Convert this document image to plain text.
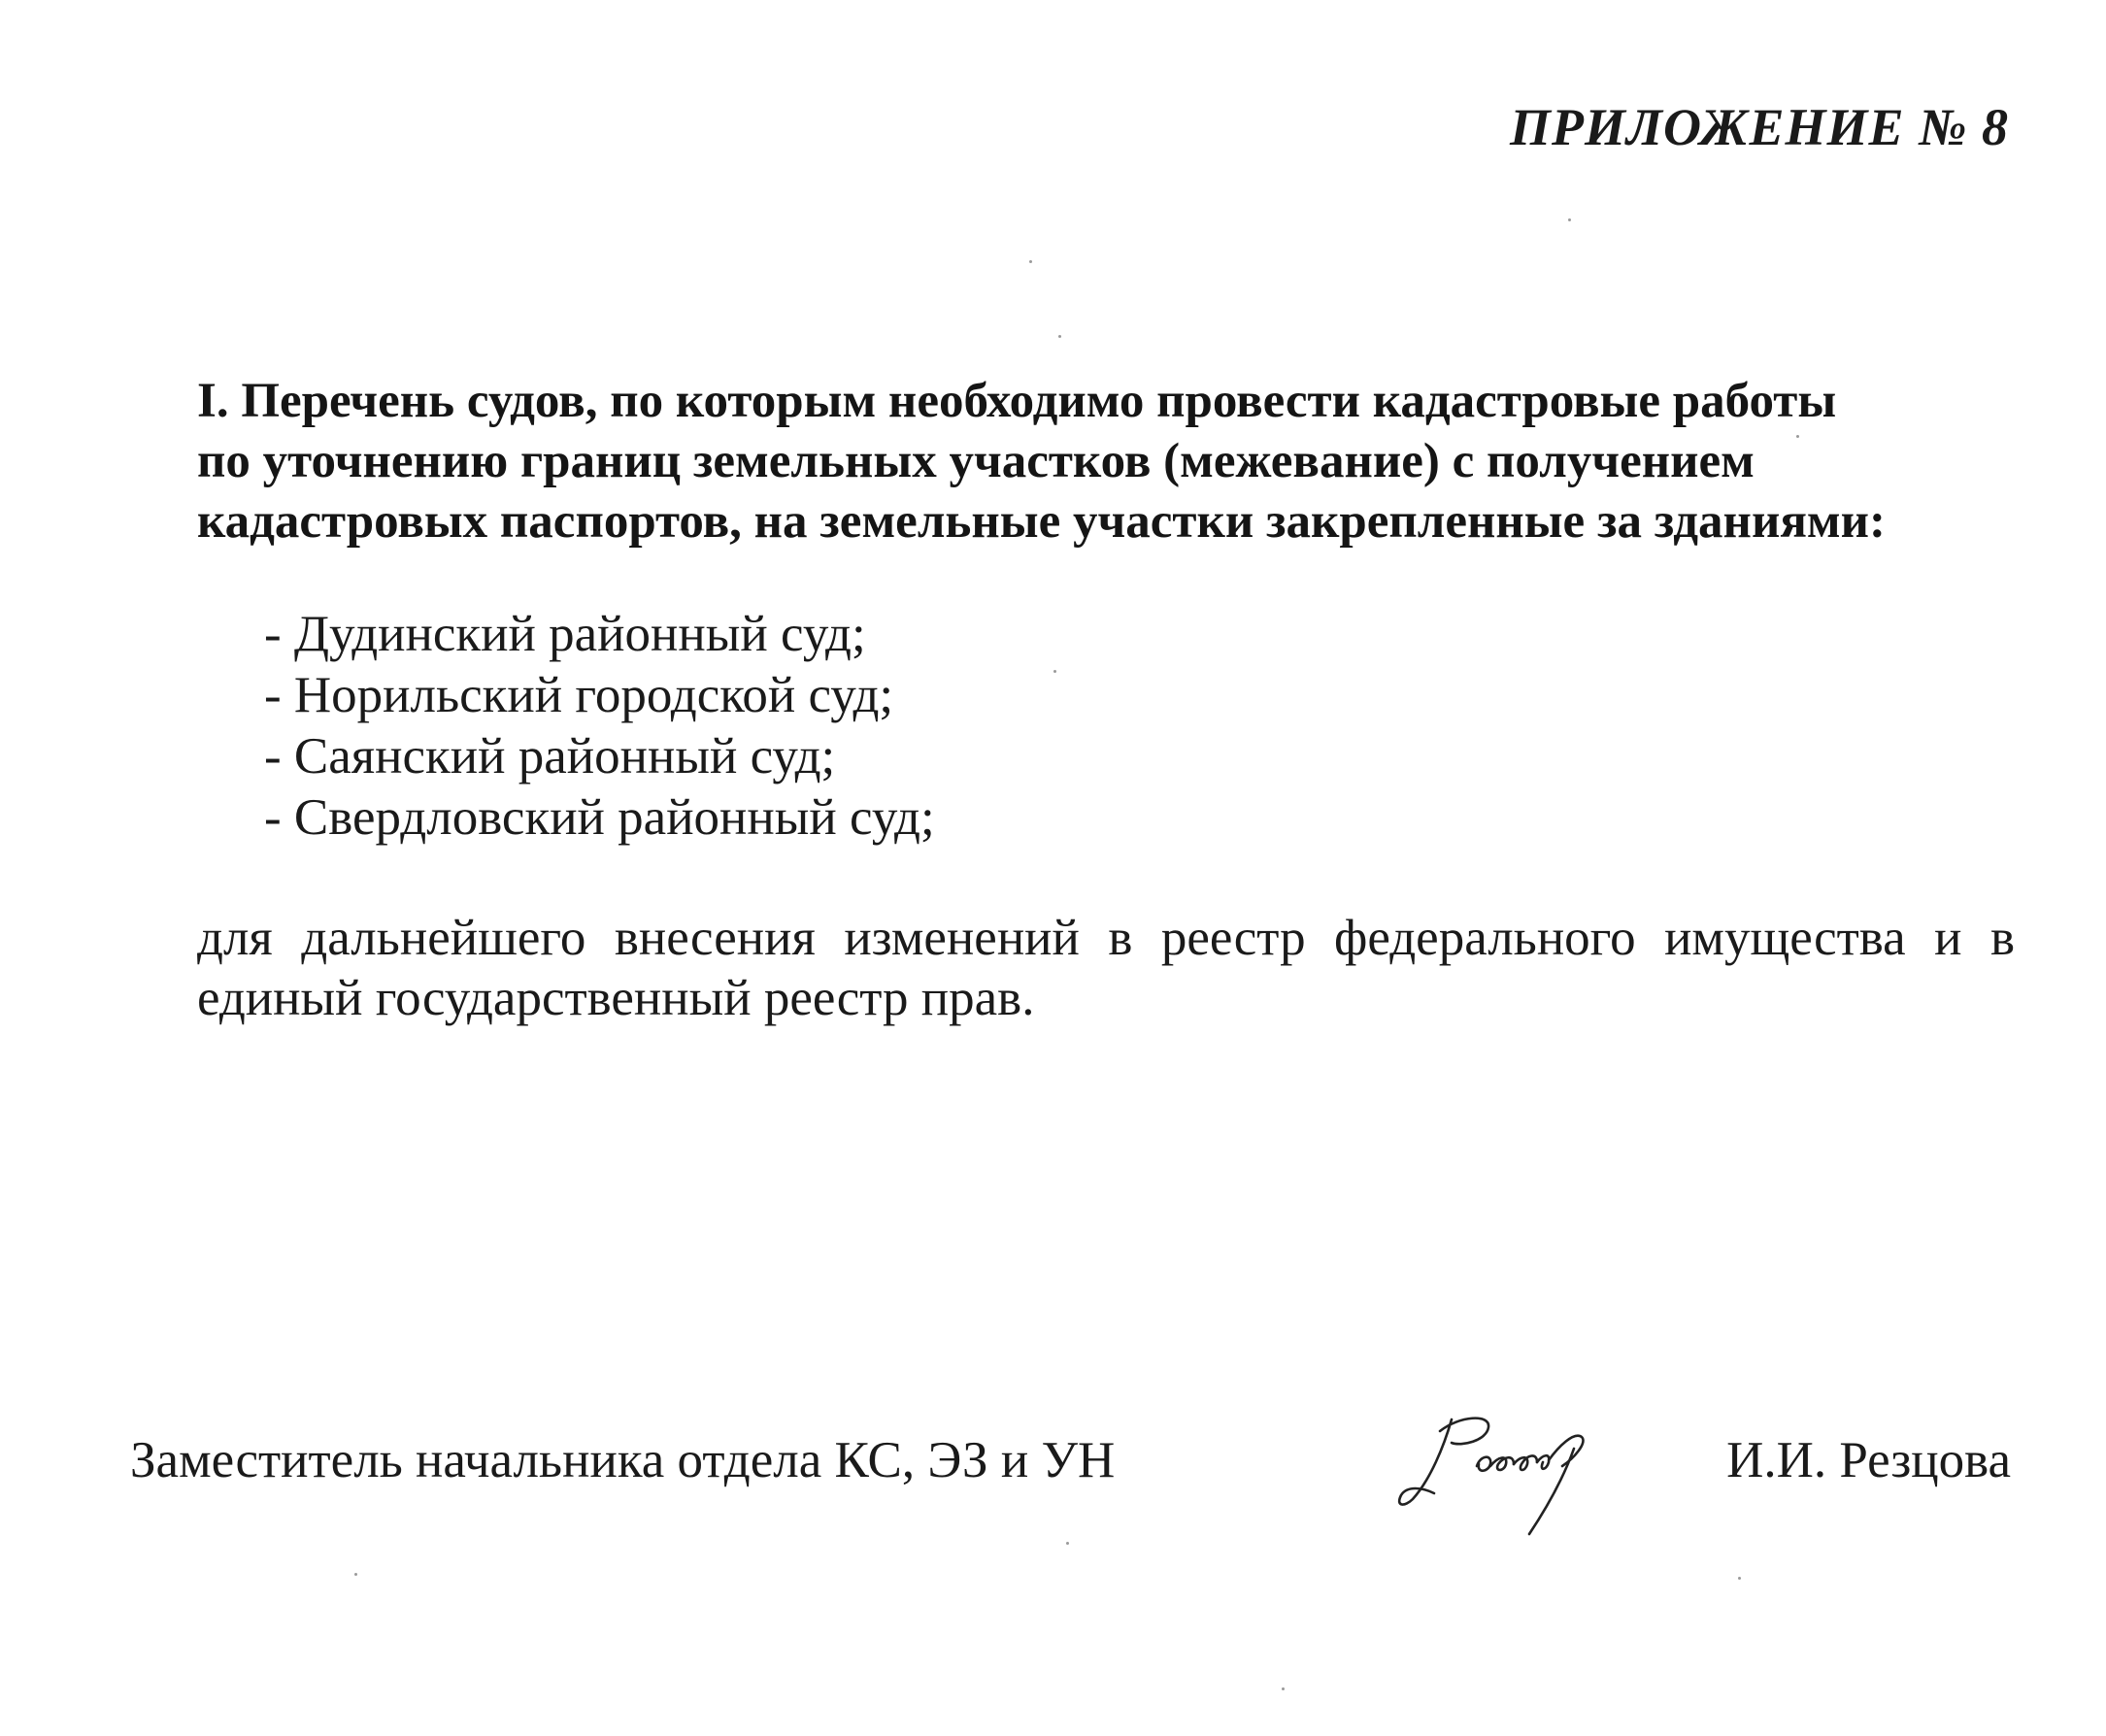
ПРИЛОЖЕНИЕ № 8
I. Перечень судов, по которым необходимо провести кадастровые работы
по уточнению границ земельных участков (межевание) с получением
кадастровых паспортов, на земельные участки закрепленные за зданиями:
- Дудинский районный суд;
- Норильский городской суд;
- Саянский районный суд;
- Свердловский районный суд;
для дальнейшего внесения изменений в реестр федерального имущества и в
единый государственный реестр прав.
Заместитель начальника отдела КС, ЭЗ и УН	И.И. Резцова
